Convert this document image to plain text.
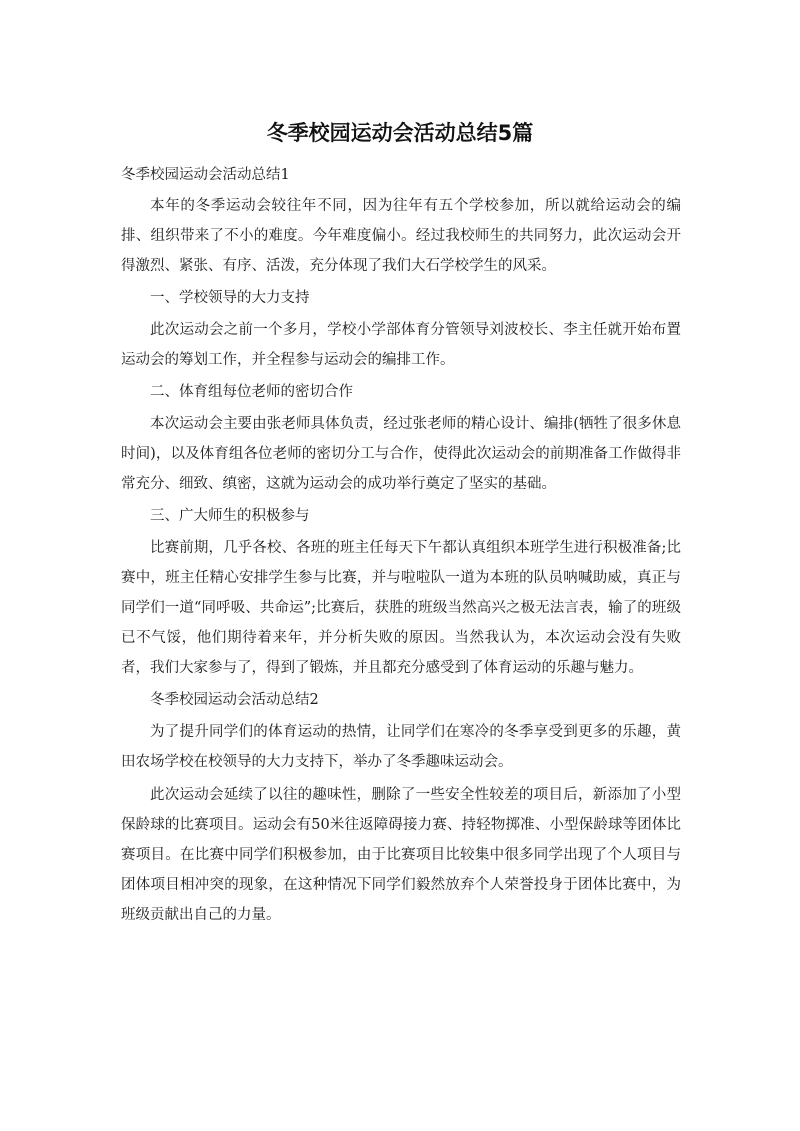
冬季校园运动会活动总结5篇
冬季校园运动会活动总结1

本年的冬季运动会较往年不同，因为往年有五个学校参加，所以就给运动会的编排、组织带来了不小的难度。今年难度偏小。经过我校师生的共同努力，此次运动会开得激烈、紧张、有序、活泼，充分体现了我们大石学校学生的风采。

一、学校领导的大力支持

此次运动会之前一个多月，学校小学部体育分管领导刘波校长、李主任就开始布置运动会的筹划工作，并全程参与运动会的编排工作。

二、体育组每位老师的密切合作

本次运动会主要由张老师具体负责，经过张老师的精心设计、编排(牺牲了很多休息时间)，以及体育组各位老师的密切分工与合作，使得此次运动会的前期准备工作做得非常充分、细致、缜密，这就为运动会的成功举行奠定了坚实的基础。

三、广大师生的积极参与

比赛前期，几乎各校、各班的班主任每天下午都认真组织本班学生进行积极准备;比赛中，班主任精心安排学生参与比赛，并与啦啦队一道为本班的队员呐喊助威，真正与同学们一道“同呼吸、共命运”;比赛后，获胜的班级当然高兴之极无法言表，输了的班级已不气馁，他们期待着来年，并分析失败的原因。当然我认为，本次运动会没有失败者，我们大家参与了，得到了锻炼，并且都充分感受到了体育运动的乐趣与魅力。

冬季校园运动会活动总结2

为了提升同学们的体育运动的热情，让同学们在寒冷的冬季享受到更多的乐趣，黄田农场学校在校领导的大力支持下，举办了冬季趣味运动会。

此次运动会延续了以往的趣味性，删除了一些安全性较差的项目后，新添加了小型保龄球的比赛项目。运动会有50米往返障碍接力赛、持轻物掷准、小型保龄球等团体比赛项目。在比赛中同学们积极参加，由于比赛项目比较集中很多同学出现了个人项目与团体项目相冲突的现象，在这种情况下同学们毅然放弃个人荣誉投身于团体比赛中，为班级贡献出自己的力量。
